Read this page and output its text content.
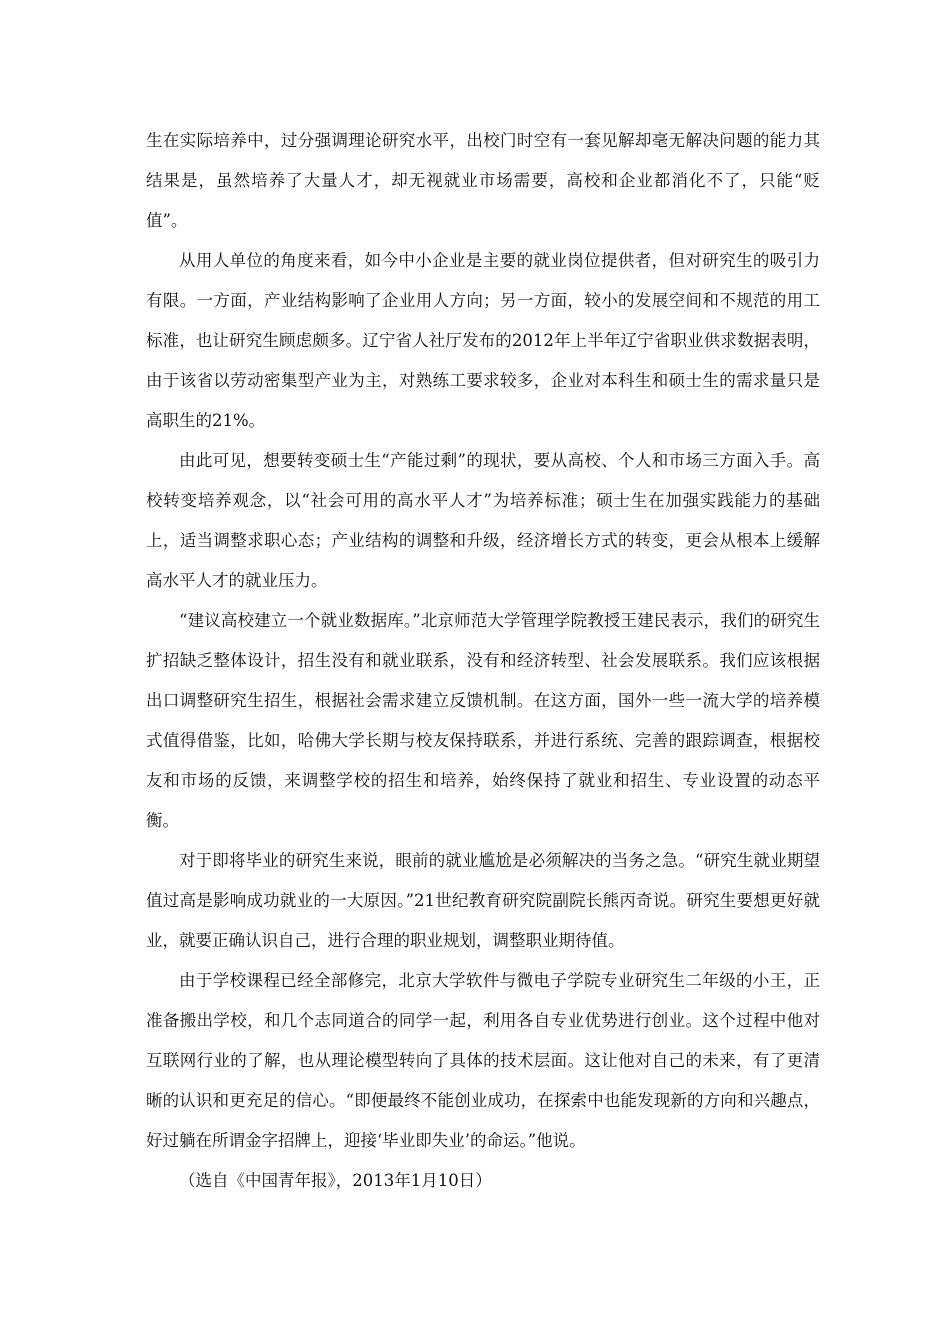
生在实际培养中，过分强调理论研究水平，出校门时空有一套见解却毫无解决问题的能力其结果是，虽然培养了大量人才，却无视就业市场需要，高校和企业都消化不了，只能“贬值”。

从用人单位的角度来看，如今中小企业是主要的就业岗位提供者，但对研究生的吸引力有限。一方面，产业结构影响了企业用人方向；另一方面，较小的发展空间和不规范的用工标准，也让研究生顾虑颇多。辽宁省人社厅发布的2012年上半年辽宁省职业供求数据表明，由于该省以劳动密集型产业为主，对熟练工要求较多，企业对本科生和硕士生的需求量只是高职生的21%。

由此可见，想要转变硕士生“产能过剩”的现状，要从高校、个人和市场三方面入手。高校转变培养观念，以“社会可用的高水平人才”为培养标准；硕士生在加强实践能力的基础上，适当调整求职心态；产业结构的调整和升级，经济增长方式的转变，更会从根本上缓解高水平人才的就业压力。

“建议高校建立一个就业数据库。”北京师范大学管理学院教授王建民表示，我们的研究生扩招缺乏整体设计，招生没有和就业联系，没有和经济转型、社会发展联系。我们应该根据出口调整研究生招生，根据社会需求建立反馈机制。在这方面，国外一些一流大学的培养模式值得借鉴，比如，哈佛大学长期与校友保持联系，并进行系统、完善的跟踪调查，根据校友和市场的反馈，来调整学校的招生和培养，始终保持了就业和招生、专业设置的动态平衡。

对于即将毕业的研究生来说，眼前的就业尴尬是必须解决的当务之急。“研究生就业期望值过高是影响成功就业的一大原因。”21世纪教育研究院副院长熊丙奇说。研究生要想更好就业，就要正确认识自己，进行合理的职业规划，调整职业期待值。

由于学校课程已经全部修完，北京大学软件与微电子学院专业研究生二年级的小王，正准备搬出学校，和几个志同道合的同学一起，利用各自专业优势进行创业。这个过程中他对互联网行业的了解，也从理论模型转向了具体的技术层面。这让他对自己的未来，有了更清晰的认识和更充足的信心。“即便最终不能创业成功，在探索中也能发现新的方向和兴趣点，好过躺在所谓金字招牌上，迎接‘毕业即失业’的命运。”他说。

（选自《中国青年报》，2013年1月10日）
